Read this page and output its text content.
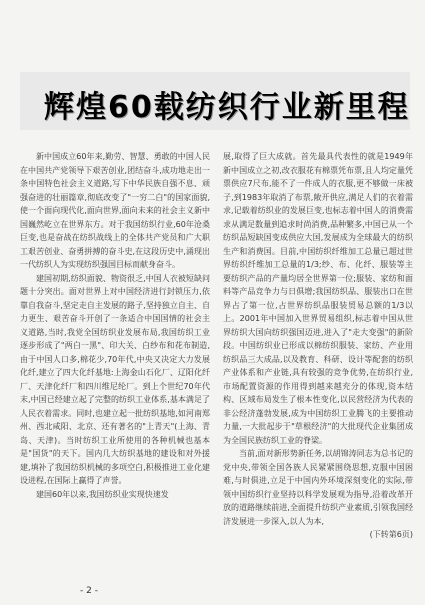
辉煌60载纺织行业新里程

新中国成立60年来,勤劳、智慧、勇敢的中国人民在中国共产党领导下艰苦创业,团结奋斗,成功地走出一条中国特色社会主义道路,写下中华民族自强不息、顽强奋进的壮丽篇章,彻底改变了"一穷二白"的国家面貌,使一个面向现代化,面向世界,面向未来的社会主义新中国巍然屹立在世界东方。对于我国纺织行业,60年沧桑巨变,也是奋战在纺织战线上的全体共产党员和广大职工艰苦创业、奋勇拼搏的奋斗史,在这段历史中,涌现出一代纺织人为实现纺织强国目标而献身奋斗。

建国初期,纺织面貌、物资很乏,中国人衣被短缺问题十分突出。面对世界上对中国经济进行封锁压力,依靠自我奋斗,坚定走自主发展的路子,坚持独立自主、自力更生、艰苦奋斗开创了一条适合中国国情的社会主义道路,当时,我党全国纺织业发展布局,我国纺织工业逐步形成了"两白一黑"、印大关、白纱布和花布制造,由于中国人口多,棉花少,70年代,中央又决定大力发展化纤,建立了四大化纤基地:上海金山石化厂、辽阳化纤厂、天津化纤厂和四川维尼纶厂。到上个世纪70年代末,中国已经建立起了完整的纺织工业体系,基本满足了人民衣着需求。同时,也建立起一批纺织基地,如河南郑州、西北咸阳、北京、还有著名的"上青天"(上海、青岛、天津)。当时纺织工业所使用的各种机械也基本是"国货"的天下。国内几大纺织基地的建设和对外援建,填补了我国纺织机械的多项空白,积极推进工业化建设进程,在国际上赢得了声誉。

建国60年以来,我国纺织业实现快速发

展,取得了巨大成就。首先最具代表性的就是1949年新中国成立之初,改衣服花有棉票凭布票,且人均定量凭票供应7尺布,能不了一件成人的衣服,更不够做一床被子,到1983年取消了布票,敞开供应,满足人们的衣着需求,记载着纺织业的发展巨变,也标志着中国人的消费需求从满足数量到追求时尚消费,品种繁多,中国已从一个纺织品短缺国变成供应大国,发展成为全球最大的纺织生产和消费国。目前,中国纺织纤维加工总量已超过世界纺织纤维加工总量的1/3;纱、布、化纤、服装等主要纺织产品的产量均居全世界第一位;服装、家纺和面料等产品竞争力与日俱增;我国纺织品、服装出口在世界占了第一位,占世界纺织品服装贸易总额的1/3以上。2001年中国加入世界贸易组织,标志着中国从世界纺织大国向纺织强国迈进,进入了"走大变强"的新阶段。中国纺织业已形成以棉纺织服装、家纺、产业用纺织品三大成品,以及教育、科研、设计等配套的纺织产业体系和产业链,具有较强的竞争优势,在纺织行业,市场配置资源的作用得到越来越充分的体现,资本结构、区域布局发生了根本性变化,以民营经济为代表的非公经济蓬勃发展,成为中国纺织工业腾飞的主要推动力量,一大批起步于"草根经济"的大批现代企业集团成为全国民族纺织工业的脊梁。

当前,面对新形势新任务,以胡锦涛同志为总书记的党中央,带领全国各族人民紧紧围绕思想,克服中国困难,与时俱进,立足于中国内外环境深刻变化的实际,带领中国纺织行业坚持以科学发展观为指导,沿着改革开放的道路继续前进,全面提升纺织产业素质,引领我国经济发展进一步深入,以人为本,

(下转第6页)

- 2 -
